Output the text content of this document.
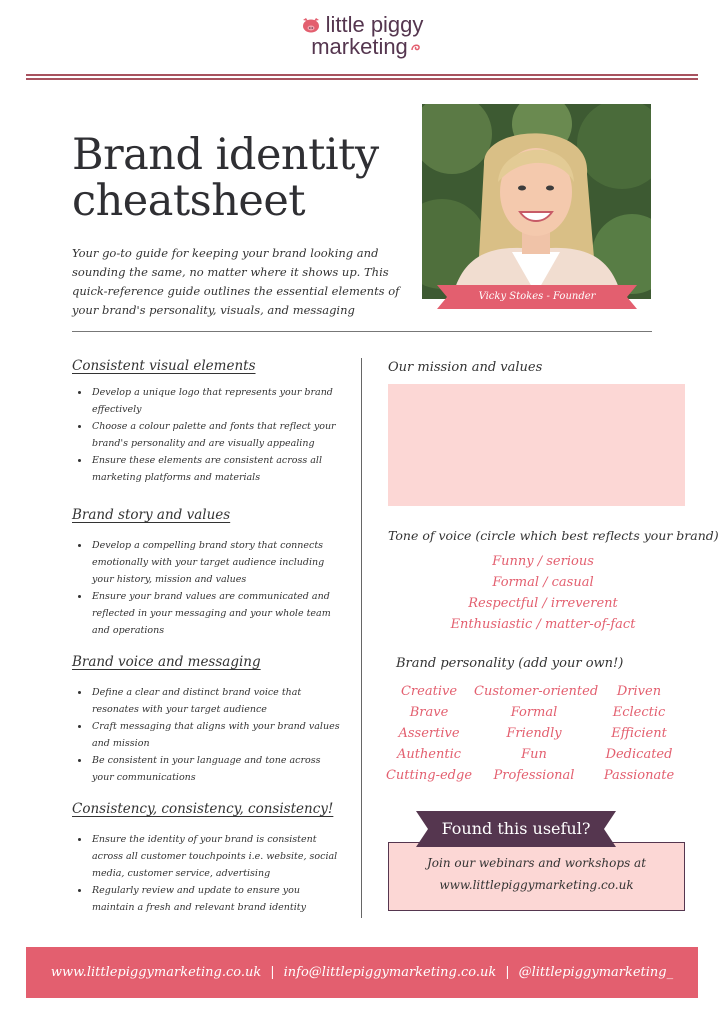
little piggy
marketing
Brand identity
cheatsheet
Your go-to guide for keeping your brand looking and sounding the same, no matter where it shows up. This quick-reference guide outlines the essential elements of your brand's personality, visuals, and messaging
Vicky Stokes - Founder
Consistent visual elements
• Develop a unique logo that represents your brand effectively
• Choose a colour palette and fonts that reflect your brand's personality and are visually appealing
• Ensure these elements are consistent across all marketing platforms and materials
Brand story and values
• Develop a compelling brand story that connects emotionally with your target audience including your history, mission and values
• Ensure your brand values are communicated and reflected in your messaging and your whole team and operations
Brand voice and messaging
• Define a clear and distinct brand voice that resonates with your target audience
• Craft messaging that aligns with your brand values and mission
• Be consistent in your language and tone across your communications
Consistency, consistency, consistency!
• Ensure the identity of your brand is consistent across all customer touchpoints i.e. website, social media, customer service, advertising
• Regularly review and update to ensure you maintain a fresh and relevant brand identity
Our mission and values
Tone of voice (circle which best reflects your brand)
Funny / serious
Formal / casual
Respectful / irreverent
Enthusiastic / matter-of-fact
Brand personality (add your own!)
Creative	Customer-oriented	Driven
Brave	Formal	Eclectic
Assertive	Friendly	Efficient
Authentic	Fun	Dedicated
Cutting-edge	Professional	Passionate
Found this useful?
Join our webinars and workshops at
www.littlepiggymarketing.co.uk
www.littlepiggymarketing.co.uk | info@littlepiggymarketing.co.uk | @littlepiggymarketing_
